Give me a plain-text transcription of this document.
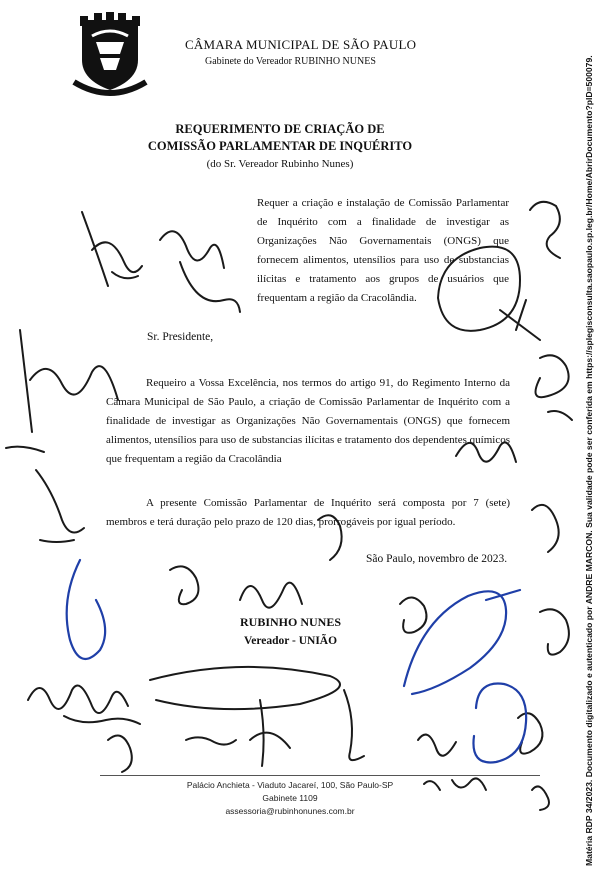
CÂMARA MUNICIPAL DE SÃO PAULO
Gabinete do Vereador RUBINHO NUNES
REQUERIMENTO DE CRIAÇÃO DE
COMISSÃO PARLAMENTAR DE INQUÉRITO
(do Sr. Vereador Rubinho Nunes)
Requer a criação e instalação de Comissão Parlamentar de Inquérito com a finalidade de investigar as Organizações Não Governamentais (ONGS) que fornecem alimentos, utensílios para uso de substancias ilícitas e tratamento aos grupos de usuários que frequentam a região da Cracolândia.
Sr. Presidente,
Requeiro a Vossa Excelência, nos termos do artigo 91, do Regimento Interno da Câmara Municipal de São Paulo, a criação de Comissão Parlamentar de Inquérito com a finalidade de investigar as Organizações Não Governamentais (ONGS) que fornecem alimentos, utensílios para uso de substancias ilícitas e tratamento dos dependentes químicos que frequentam a região da Cracolândia
A presente Comissão Parlamentar de Inquérito será composta por 7 (sete) membros e terá duração pelo prazo de 120 dias, prorrogáveis por igual período.
São Paulo, novembro de 2023.
RUBINHO NUNES
Vereador - UNIÃO
Palácio Anchieta - Viaduto Jacareí, 100, São Paulo-SP
Gabinete 1109
assessoria@rubinhonunes.com.br	Matéria RDP 34/2023. Documento digitalizado e autenticado por ANDRE MARCON. Sua validade pode ser conferida em https://splegisconsulta.saopaulo.sp.leg.br/Home/AbrirDocumento?pID=500079.
